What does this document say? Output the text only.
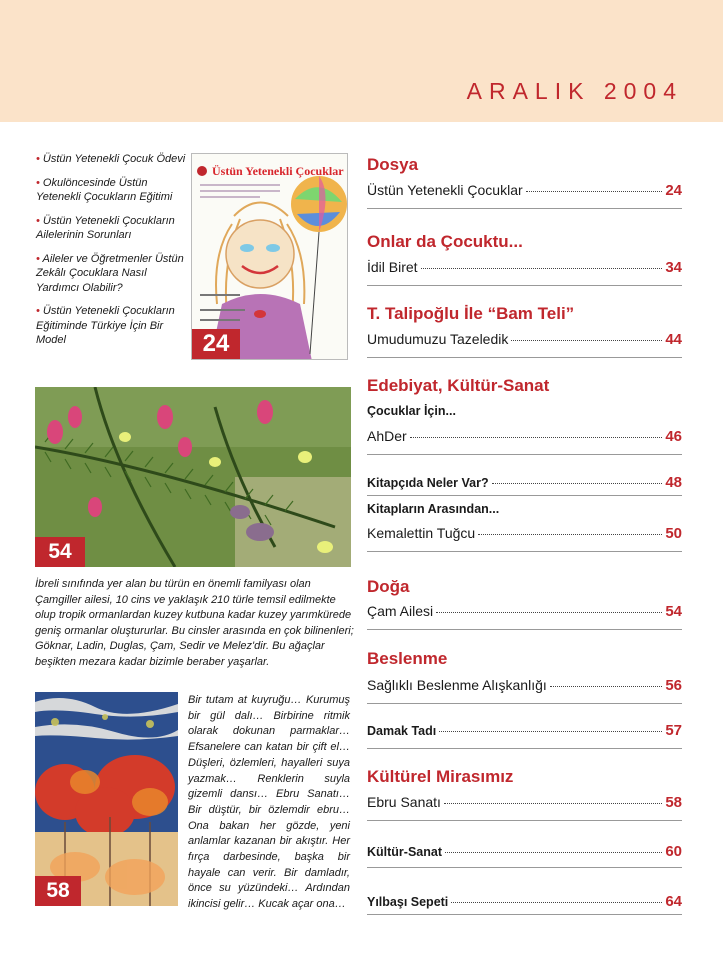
ARALIK 2004
• Üstün Yetenekli Çocuk Ödevi
• Okulöncesinde Üstün Yetenekli Çocukların Eğitimi
• Üstün Yetenekli Çocukların Ailelerinin Sorunları
• Aileler ve Öğretmenler Üstün Zekâlı Çocuklara Nasıl Yardımcı Olabilir?
• Üstün Yetenekli Çocukların Eğitiminde Türkiye İçin Bir Model
Üstün Yetenekli Çocuklar
24
54
İbreli sınıfında yer alan bu türün en önemli familyası olan Çamgiller ailesi, 10 cins ve yaklaşık 210 türle temsil edilmekte olup tropik ormanlardan kuzey kutbuna kadar kuzey yarımkürede geniş ormanlar oluştururlar. Bu cinsler arasında en çok bilinenleri; Göknar, Ladin, Duglas, Çam, Sedir ve Melez'dir. Bu ağaçlar beşikten mezara kadar bizimle beraber yaşarlar.
58
Bir tutam at kuyruğu… Kurumuş bir gül dalı… Birbirine ritmik olarak dokunan parmaklar… Efsanelere can katan bir çift el… Düşleri, özlemleri, hayalleri suya yazmak… Renklerin suyla gizemli dansı… Ebru Sanatı… Bir düştür, bir özlemdir ebru… Ona bakan her gözde, yeni anlamlar kazanan bir akıştır. Her fırça darbesinde, başka bir hayale can verir. Bir damladır, önce su yüzündeki… Ardından ikincisi gelir… Kucak açar ona…
Dosya
Üstün Yetenekli Çocuklar	24
Onlar da Çocuktu...
İdil Biret	34
T. Talipoğlu İle “Bam Teli”
Umudumuzu Tazeledik	44
Edebiyat, Kültür-Sanat
Çocuklar İçin...
AhDer	46
Kitapçıda Neler Var?	48
Kitapların Arasından...
Kemalettin Tuğcu	50
Doğa
Çam Ailesi	54
Beslenme
Sağlıklı Beslenme Alışkanlığı	56
Damak Tadı	57
Kültürel Mirasımız
Ebru Sanatı	58
Kültür-Sanat	60
Yılbaşı Sepeti	64
